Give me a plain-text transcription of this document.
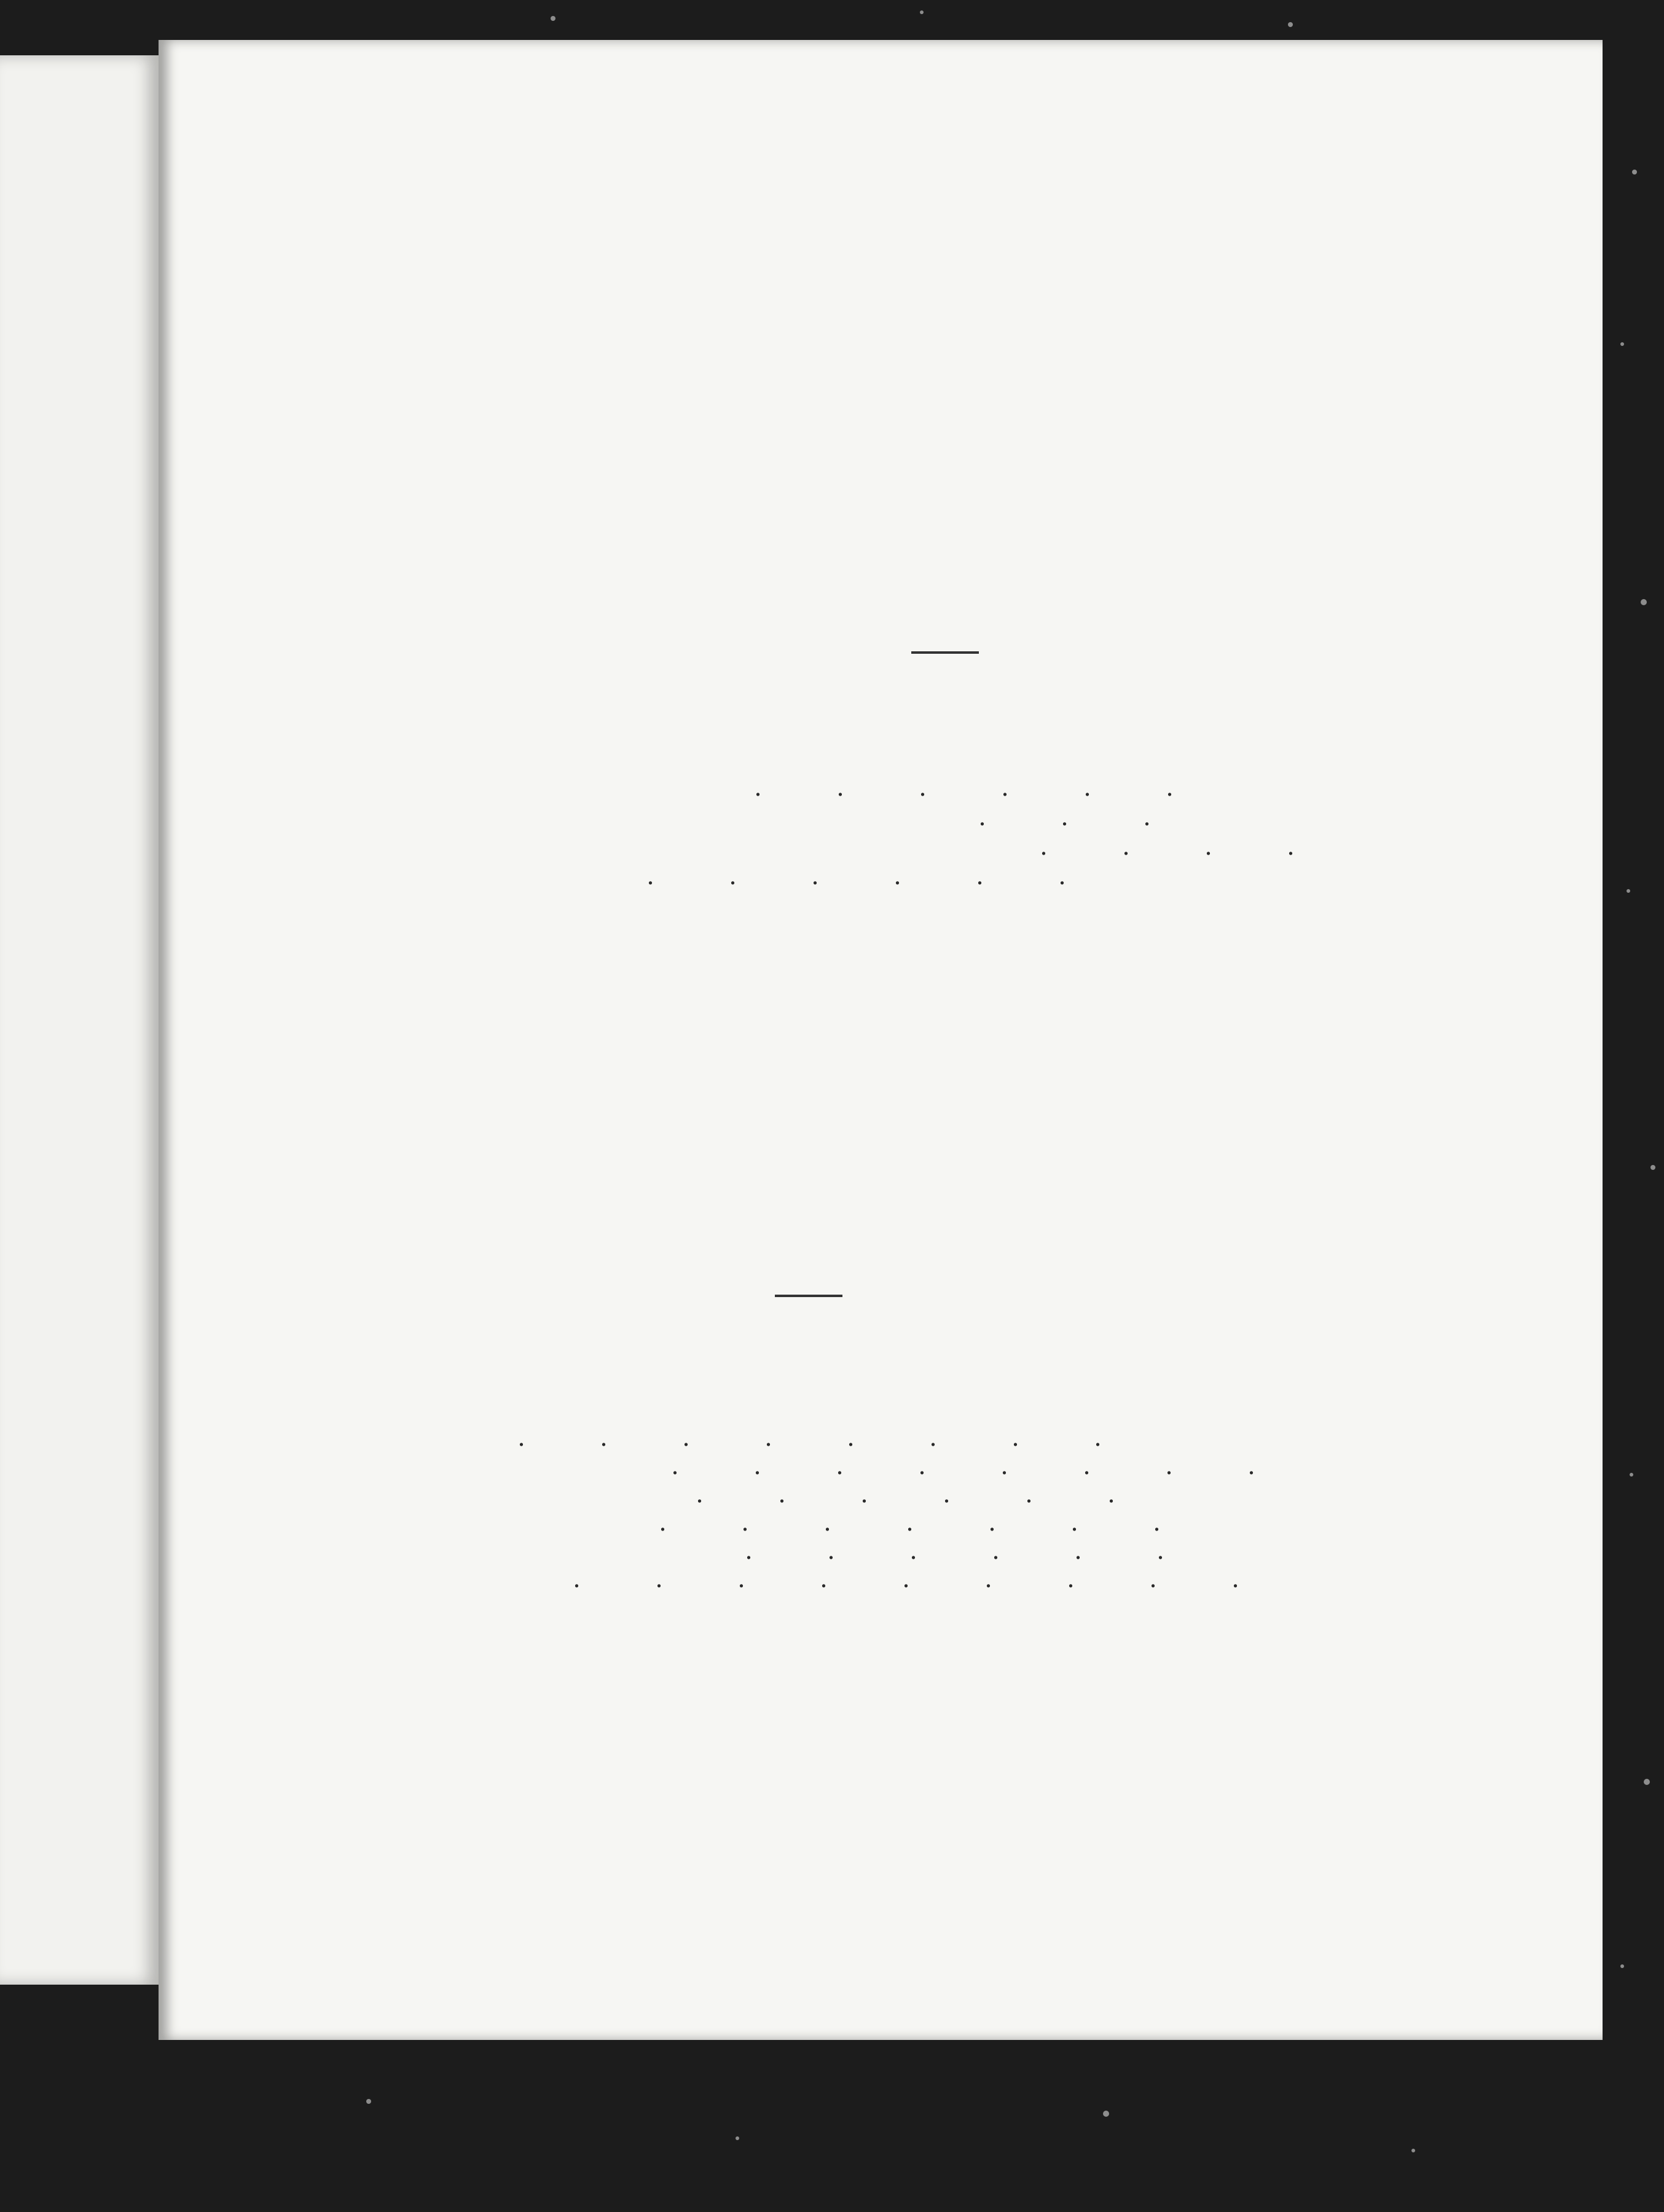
. . . . . .
. . .
. . . .
. . . . . .
. . . . . . . .
. . . . . . . .
. . . . . .
. . . . . . .
. . . . . .
. . . . . . . . .
